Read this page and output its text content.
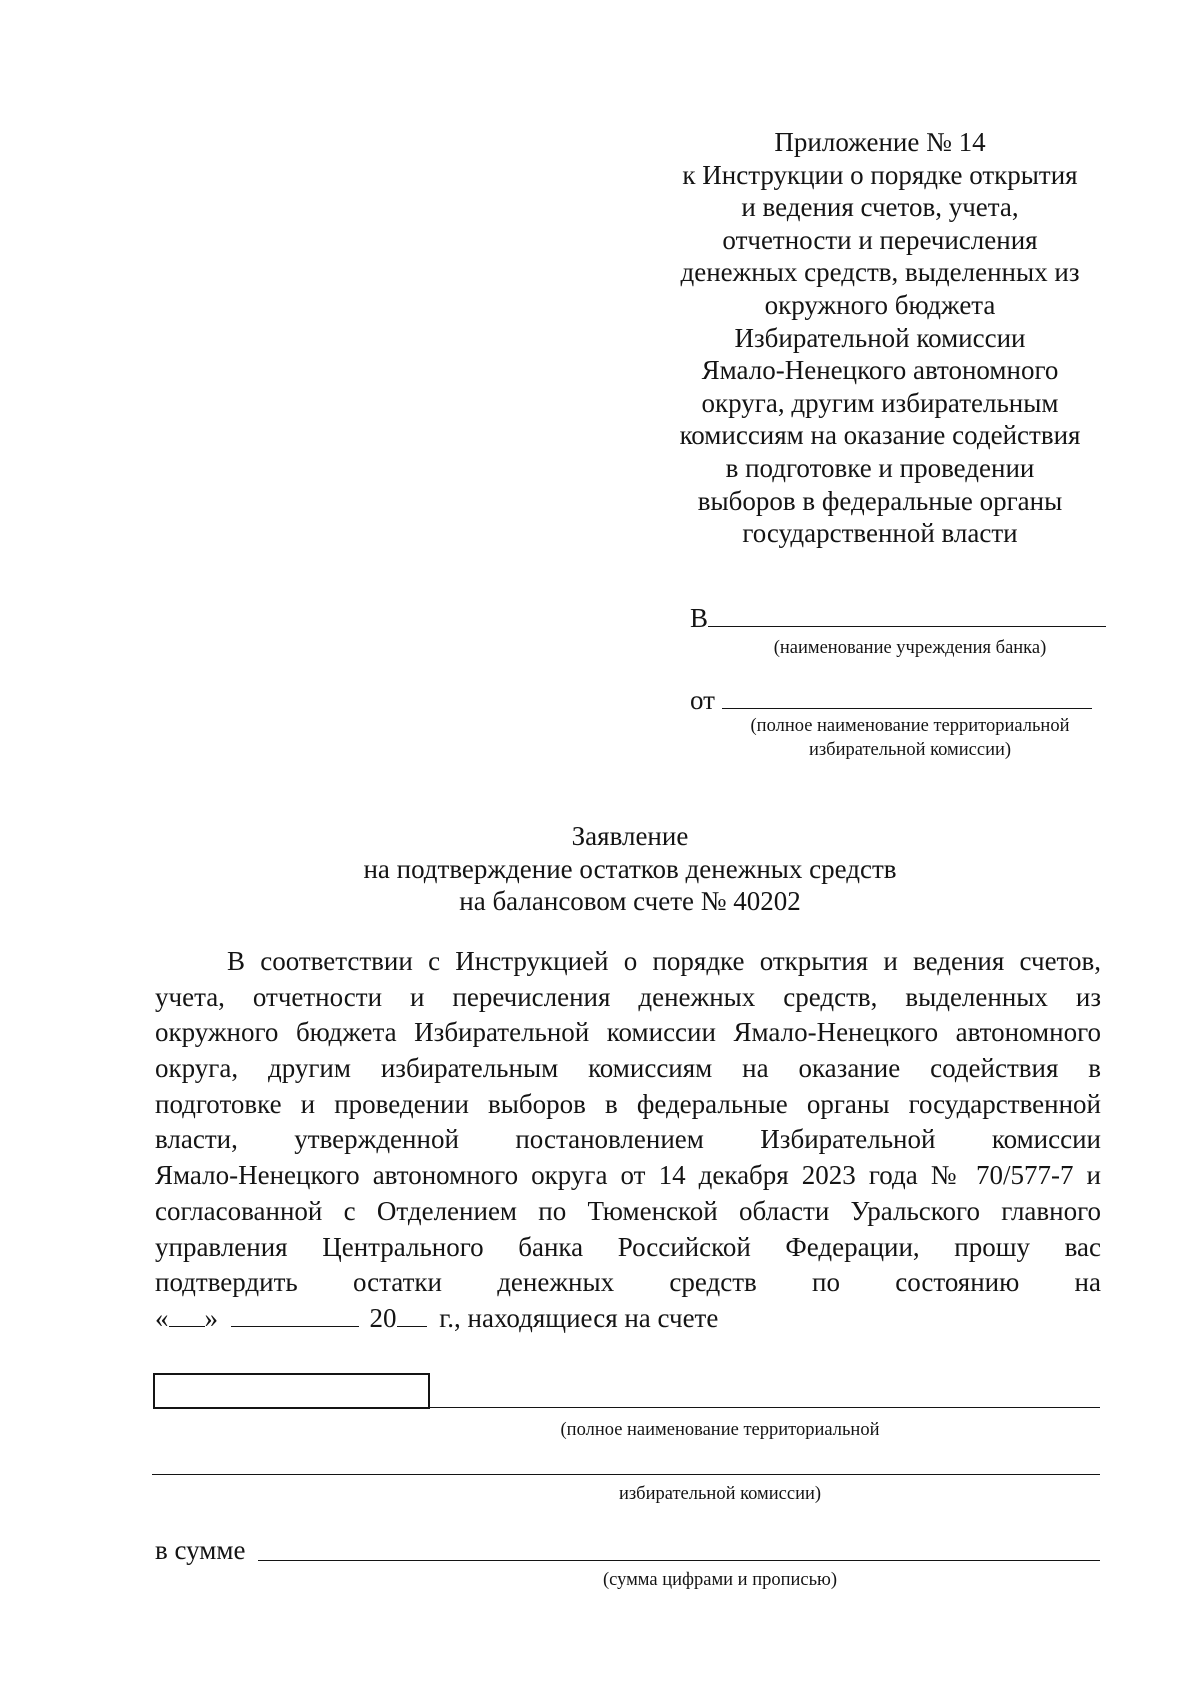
Приложение № 14
к Инструкции о порядке открытия
и ведения счетов, учета,
отчетности и перечисления
денежных средств, выделенных из
окружного бюджета
Избирательной комиссии
Ямало-Ненецкого автономного
округа, другим избирательным
комиссиям на оказание содействия
в подготовке и проведении
выборов в федеральные органы
государственной власти
В
(наименование учреждения банка)
от
(полное наименование территориальной
избирательной комиссии)
Заявление
на подтверждение остатков денежных средств
на балансовом счете № 40202
В соответствии с Инструкцией о порядке открытия и ведения счетов,
учета, отчетности и перечисления денежных средств, выделенных из
окружного бюджета Избирательной комиссии Ямало-Ненецкого автономного
округа, другим избирательным комиссиям на оказание содействия в
подготовке и проведении выборов в федеральные органы государственной
власти, утвержденной постановлением Избирательной комиссии
Ямало-Ненецкого автономного округа от 14 декабря 2023 года № 70/577-7 и
согласованной с Отделением по Тюменской области Уральского главного
управления Центрального банка Российской Федерации, прошу вас
подтвердить остатки денежных средств по состоянию на
« »	20 г., находящиеся на счете
(полное наименование территориальной
избирательной комиссии)
в сумме
(сумма цифрами и прописью)
